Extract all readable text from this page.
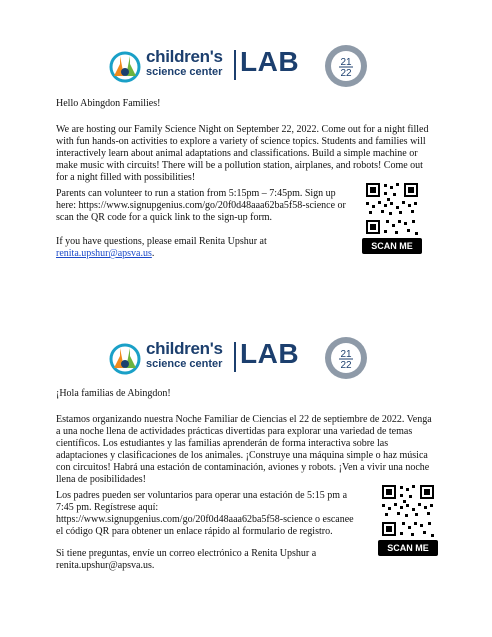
children's
science center LAB	21
22

Hello Abingdon Families!

We are hosting our Family Science Night on September 22, 2022. Come out for a night filled with fun hands-on activities to explore a variety of science topics. Students and families will interactively learn about animal adaptations and classifications. Build a simple machine or make music with circuits! There will be a pollution station, airplanes, and robots! Come out for a night filled with possibilities!

Parents can volunteer to run a station from 5:15pm – 7:45pm. Sign up here: https://www.signupgenius.com/go/20f0d48aaa62ba5f58-science or scan the QR code for a quick link to the sign-up form.

If you have questions, please email Renita Upshur at
renita.upshur@apsva.us.

SCAN ME
children's
science center LAB	21
22

¡Hola familias de Abingdon!

Estamos organizando nuestra Noche Familiar de Ciencias el 22 de septiembre de 2022. Venga a una noche llena de actividades prácticas divertidas para explorar una variedad de temas científicos. Los estudiantes y las familias aprenderán de forma interactiva sobre las adaptaciones y clasificaciones de los animales. ¡Construye una máquina simple o haz música con circuitos! Habrá una estación de contaminación, aviones y robots. ¡Ven a vivir una noche llena de posibilidades!

Los padres pueden ser voluntarios para operar una estación de 5:15 pm a 7:45 pm. Regístrese aquí: https://www.signupgenius.com/go/20f0d48aaa62ba5f58-science o escanee el código QR para obtener un enlace rápido al formulario de registro.

Si tiene preguntas, envíe un correo electrónico a Renita Upshur a renita.upshur@apsva.us.

SCAN ME
